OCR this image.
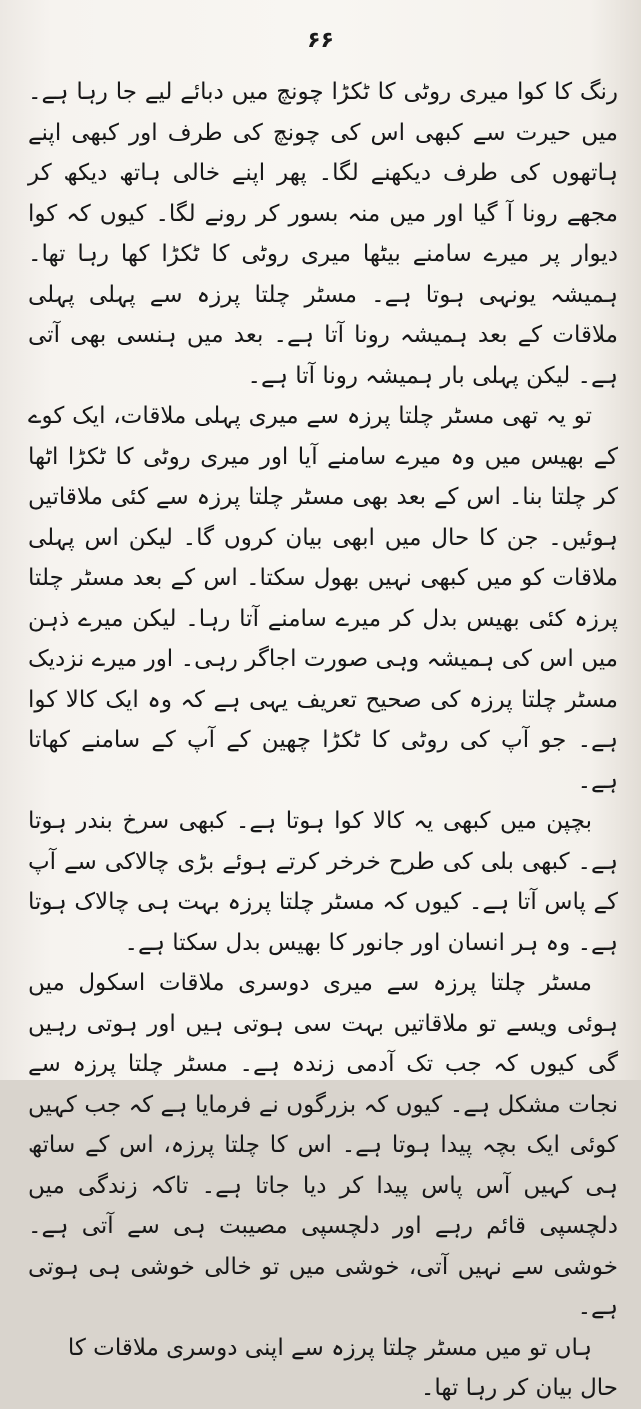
۶۶

رنگ کا کوا میری روٹی کا ٹکڑا چونچ میں دبائے لیے جا رہا ہے۔ میں حیرت سے کبھی اس کی چونچ کی طرف اور کبھی اپنے ہاتھوں کی طرف دیکھنے لگا۔ پھر اپنے خالی ہاتھ دیکھ کر مجھے رونا آ گیا اور میں منہ بسور کر رونے لگا۔ کیوں کہ کوا دیوار پر میرے سامنے بیٹھا میری روٹی کا ٹکڑا کھا رہا تھا۔ ہمیشہ یونہی ہوتا ہے۔ مسٹر چلتا پرزہ سے پہلی پہلی ملاقات کے بعد ہمیشہ رونا آتا ہے۔ بعد میں ہنسی بھی آتی ہے۔ لیکن پہلی بار ہمیشہ رونا آتا ہے۔

تو یہ تھی مسٹر چلتا پرزہ سے میری پہلی ملاقات، ایک کوے کے بھیس میں وہ میرے سامنے آیا اور میری روٹی کا ٹکڑا اٹھا کر چلتا بنا۔ اس کے بعد بھی مسٹر چلتا پرزہ سے کئی ملاقاتیں ہوئیں۔ جن کا حال میں ابھی بیان کروں گا۔ لیکن اس پہلی ملاقات کو میں کبھی نہیں بھول سکتا۔ اس کے بعد مسٹر چلتا پرزہ کئی بھیس بدل کر میرے سامنے آتا رہا۔ لیکن میرے ذہن میں اس کی ہمیشہ وہی صورت اجاگر رہی۔ اور میرے نزدیک مسٹر چلتا پرزہ کی صحیح تعریف یہی ہے کہ وہ ایک کالا کوا ہے۔ جو آپ کی روٹی کا ٹکڑا چھین کے آپ کے سامنے کھاتا ہے۔

بچپن میں کبھی یہ کالا کوا ہوتا ہے۔ کبھی سرخ بندر ہوتا ہے۔ کبھی بلی کی طرح خرخر کرتے ہوئے بڑی چالاکی سے آپ کے پاس آتا ہے۔ کیوں کہ مسٹر چلتا پرزہ بہت ہی چالاک ہوتا ہے۔ وہ ہر انسان اور جانور کا بھیس بدل سکتا ہے۔

مسٹر چلتا پرزہ سے میری دوسری ملاقات اسکول میں ہوئی ویسے تو ملاقاتیں بہت سی ہوتی ہیں اور ہوتی رہیں گی کیوں کہ جب تک آدمی زندہ ہے۔ مسٹر چلتا پرزہ سے نجات مشکل ہے۔ کیوں کہ بزرگوں نے فرمایا ہے کہ جب کہیں کوئی ایک بچہ پیدا ہوتا ہے۔ اس کا چلتا پرزہ، اس کے ساتھ ہی کہیں آس پاس پیدا کر دیا جاتا ہے۔ تاکہ زندگی میں دلچسپی قائم رہے اور دلچسپی مصیبت ہی سے آتی ہے۔ خوشی سے نہیں آتی، خوشی میں تو خالی خوشی ہی ہوتی ہے۔

ہاں تو میں مسٹر چلتا پرزہ سے اپنی دوسری ملاقات کا حال بیان کر رہا تھا۔
